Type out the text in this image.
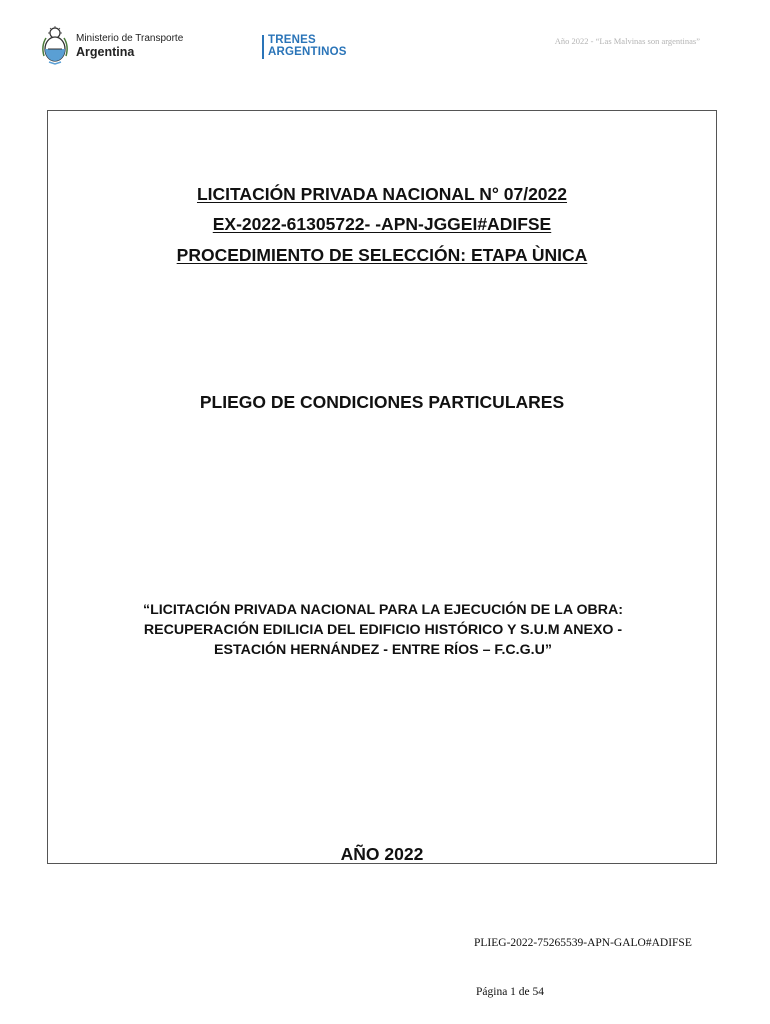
Ministerio de Transporte
Argentina
TRENES
ARGENTINOS
Año 2022 - “Las Malvinas son argentinas”
LICITACIÓN PRIVADA NACIONAL N° 07/2022
EX-2022-61305722- -APN-JGGEI#ADIFSE
PROCEDIMIENTO DE SELECCIÓN: ETAPA ÙNICA
PLIEGO DE CONDICIONES PARTICULARES
“LICITACIÓN PRIVADA NACIONAL PARA LA EJECUCIÓN DE LA OBRA:
RECUPERACIÓN EDILICIA DEL EDIFICIO HISTÓRICO Y S.U.M ANEXO -
ESTACIÓN HERNÁNDEZ - ENTRE RÍOS – F.C.G.U”
AÑO 2022
PLIEG-2022-75265539-APN-GALO#ADIFSE
Página 1 de 54
